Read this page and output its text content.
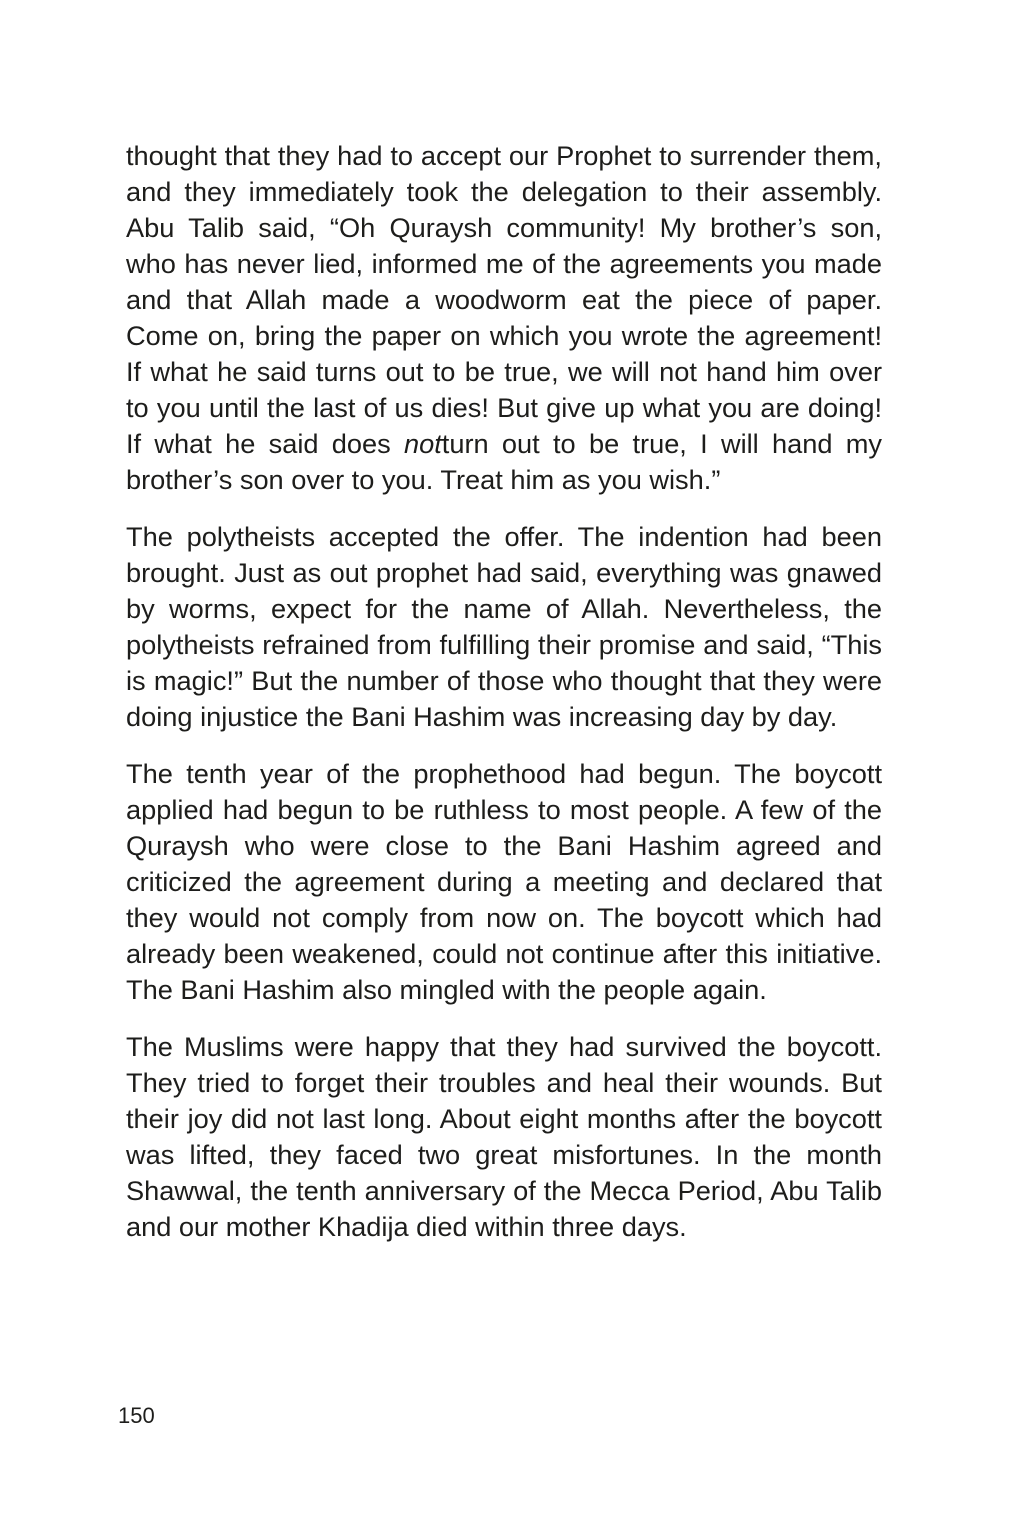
thought that they had to accept our Prophet to surrender them, and they immediately took the delegation to their assembly. Abu Talib said, “Oh Quraysh community! My brother’s son, who has never lied, informed me of the agreements you made and that Allah made a woodworm eat the piece of paper. Come on, bring the paper on which you wrote the agreement! If what he said turns out to be true, we will not hand him over to you until the last of us dies! But give up what you are doing! If what he said does notturn out to be true, I will hand my brother’s son over to you. Treat him as you wish.”

The polytheists accepted the offer. The indention had been brought. Just as out prophet had said, everything was gnawed by worms, expect for the name of Allah. Nevertheless, the polytheists refrained from fulfilling their promise and said, “This is magic!” But the number of those who thought that they were doing injustice the Bani Hashim was increasing day by day.

The tenth year of the prophethood had begun. The boycott applied had begun to be ruthless to most people. A few of the Quraysh who were close to the Bani Hashim agreed and criticized the agreement during a meeting and declared that they would not comply from now on. The boycott which had already been weakened, could not continue after this initiative. The Bani Hashim also mingled with the people again.

The Muslims were happy that they had survived the boycott. They tried to forget their troubles and heal their wounds. But their joy did not last long. About eight months after the boycott was lifted, they faced two great misfortunes. In the month Shawwal, the tenth anniversary of the Mecca Period, Abu Talib and our mother Khadija died within three days.

150
